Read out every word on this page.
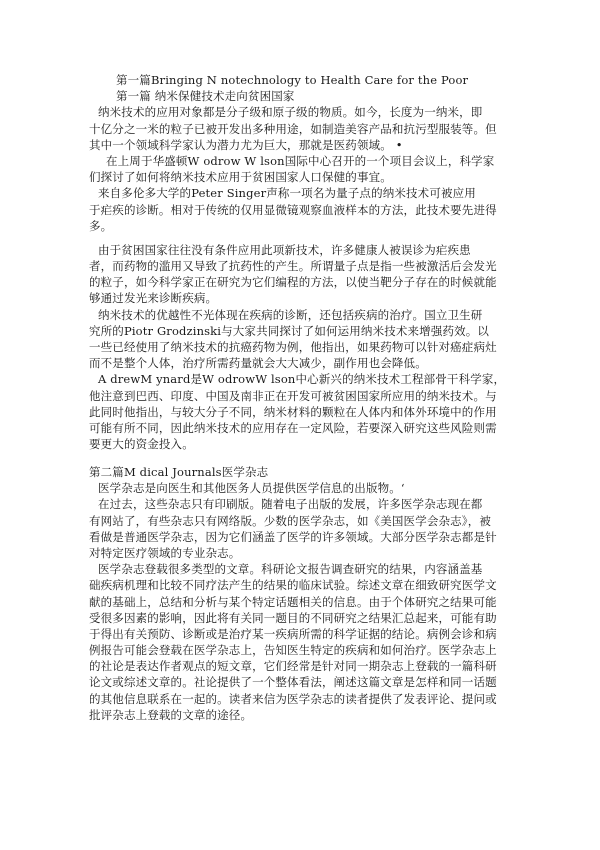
第一篇Bringing N notechnology to Health Care for the Poor
第一篇 纳米保健技术走向贫困国家
纳米技术的应用对象都是分子级和原子级的物质。如今，长度为一纳米，即
十亿分之一米的粒子已被开发出多种用途，如制造美容产品和抗污型服装等。但
其中一个领域科学家认为潜力尤为巨大，那就是医药领域。 •
在上周于华盛顿W odrow W lson国际中心召开的一个项目会议上，科学家
们探讨了如何将纳米技术应用于贫困国家人口保健的事宜。
来自多伦多大学的Peter Singer声称一项名为量子点的纳米技术可被应用
于疟疾的诊断。相对于传统的仅用显微镜观察血液样本的方法，此技术要先进得
多。
由于贫困国家往往没有条件应用此项新技术，许多健康人被误诊为疟疾患
者，而药物的滥用又导致了抗药性的产生。所谓量子点是指一些被激活后会发光
的粒子，如今科学家正在研究为它们编程的方法，以使当靶分子存在的时候就能
够通过发光来诊断疾病。
纳米技术的优越性不光体现在疾病的诊断，还包括疾病的治疗。国立卫生研
究所的Piotr Grodzinski与大家共同探讨了如何运用纳米技术来增强药效。以
一些已经使用了纳米技术的抗癌药物为例，他指出，如果药物可以针对癌症病灶
而不是整个人体，治疗所需药量就会大大减少，副作用也会降低。
A drewM ynard是W odrowW lson中心新兴的纳米技术工程部骨干科学家，
他注意到巴西、印度、中国及南非正在开发可被贫困国家所应用的纳米技术。与
此同时他指出，与较大分子不同，纳米材料的颗粒在人体内和体外环境中的作用
可能有所不同，因此纳米技术的应用存在一定风险，若要深入研究这些风险则需
要更大的资金投入。
第二篇M dical Journals医学杂志
医学杂志是向医生和其他医务人员提供医学信息的出版物。‘
在过去，这些杂志只有印刷版。随着电子出版的发展，许多医学杂志现在都
有网站了，有些杂志只有网络版。少数的医学杂志，如《美国医学会杂志》，被
看做是普通医学杂志，因为它们涵盖了医学的许多领域。大部分医学杂志都是针
对特定医疗领域的专业杂志。
医学杂志登载很多类型的文章。科研论文报告调查研究的结果，内容涵盖基
础疾病机理和比较不同疗法产生的结果的临床试验。综述文章在细致研究医学文
献的基础上，总结和分析与某个特定话题相关的信息。由于个体研究之结果可能
受很多因素的影响，因此将有关同一题目的不同研究之结果汇总起来，可能有助
于得出有关预防、诊断或是治疗某一疾病所需的科学证据的结论。病例会诊和病
例报告可能会登载在医学杂志上，告知医生特定的疾病和如何治疗。医学杂志上
的社论是表达作者观点的短文章，它们经常是针对同一期杂志上登载的一篇科研
论文或综述文章的。社论提供了一个整体看法，阐述这篇文章是怎样和同一话题
的其他信息联系在一起的。读者来信为医学杂志的读者提供了发表评论、提问或
批评杂志上登载的文章的途径。
